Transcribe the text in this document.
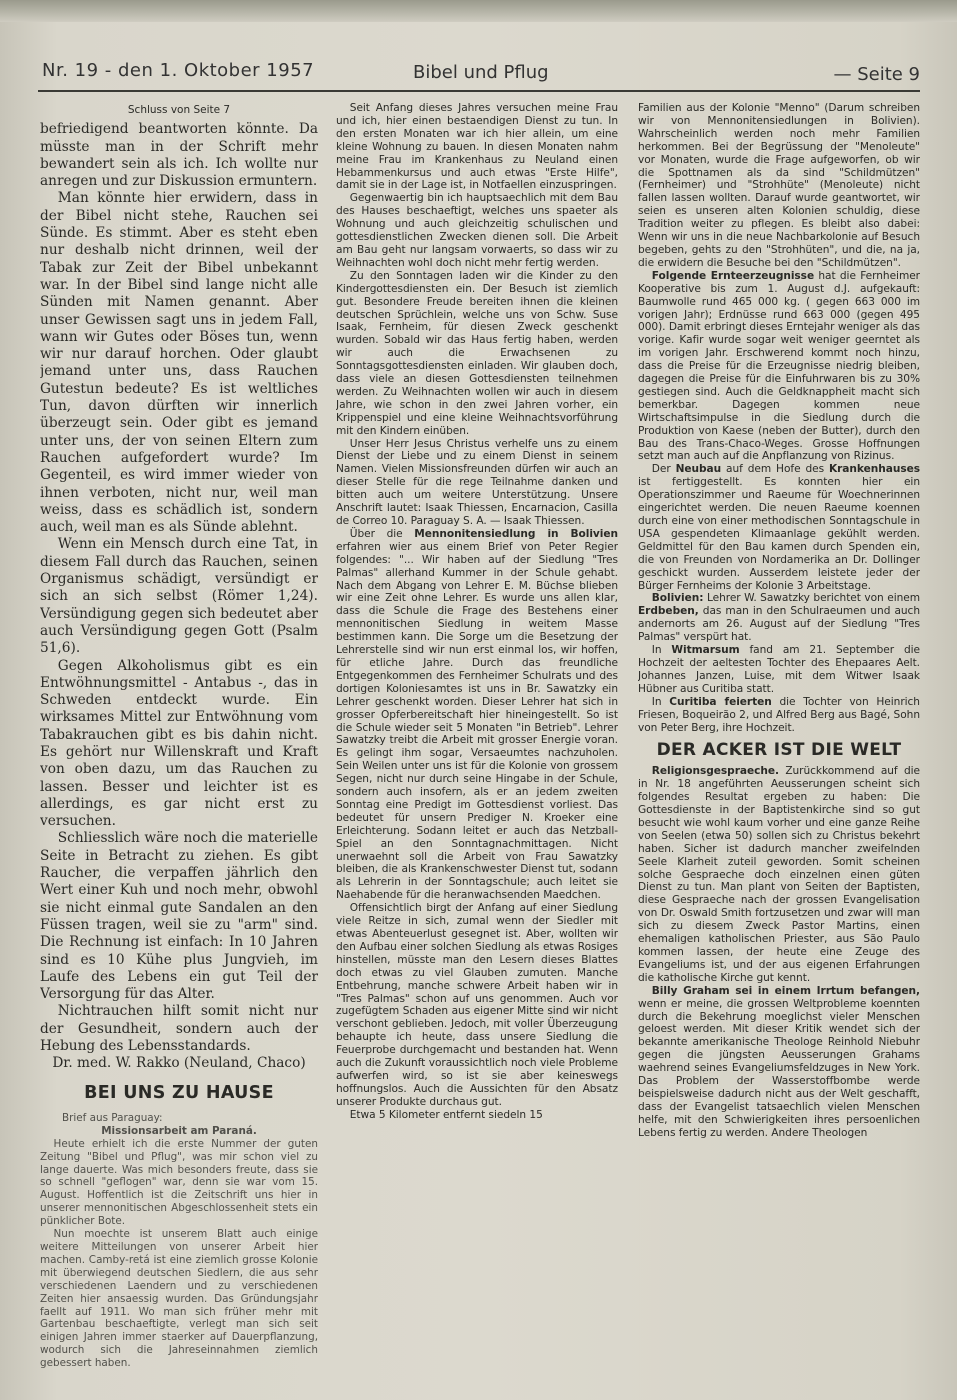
Nr. 19 - den 1. Oktober 1957	Bibel und Pflug	— Seite 9
Schluss von Seite 7

befriedigend beantworten könnte. Da müsste man in der Schrift mehr bewandert sein als ich. Ich wollte nur anregen und zur Diskussion ermuntern.

Man könnte hier erwidern, dass in der Bibel nicht stehe, Rauchen sei Sünde. Es stimmt. Aber es steht eben nur deshalb nicht drinnen, weil der Tabak zur Zeit der Bibel unbekannt war. In der Bibel sind lange nicht alle Sünden mit Namen genannt. Aber unser Gewissen sagt uns in jedem Fall, wann wir Gutes oder Böses tun, wenn wir nur darauf horchen. Oder glaubt jemand unter uns, dass Rauchen Gutestun bedeute? Es ist weltliches Tun, davon dürften wir innerlich überzeugt sein. Oder gibt es jemand unter uns, der von seinen Eltern zum Rauchen aufgefordert wurde? Im Gegenteil, es wird immer wieder von ihnen verboten, nicht nur, weil man weiss, dass es schädlich ist, sondern auch, weil man es als Sünde ablehnt.

Wenn ein Mensch durch eine Tat, in diesem Fall durch das Rauchen, seinen Organismus schädigt, versündigt er sich an sich selbst (Römer 1,24). Versündigung gegen sich bedeutet aber auch Versündigung gegen Gott (Psalm 51,6).

Gegen Alkoholismus gibt es ein Entwöhnungsmittel - Antabus -, das in Schweden entdeckt wurde. Ein wirksames Mittel zur Entwöhnung vom Tabakrauchen gibt es bis dahin nicht. Es gehört nur Willenskraft und Kraft von oben dazu, um das Rauchen zu lassen. Besser und leichter ist es allerdings, es gar nicht erst zu versuchen.

Schliesslich wäre noch die materielle Seite in Betracht zu ziehen. Es gibt Raucher, die verpaffen jährlich den Wert einer Kuh und noch mehr, obwohl sie nicht einmal gute Sandalen an den Füssen tragen, weil sie zu "arm" sind. Die Rechnung ist einfach: In 10 Jahren sind es 10 Kühe plus Jungvieh, im Laufe des Lebens ein gut Teil der Versorgung für das Alter.

Nichtrauchen hilft somit nicht nur der Gesundheit, sondern auch der Hebung des Lebensstandards.

Dr. med. W. Rakko (Neuland, Chaco)

BEI UNS ZU HAUSE

Brief aus Paraguay:

Missionsarbeit am Paraná.

Heute erhielt ich die erste Nummer der guten Zeitung "Bibel und Pflug", was mir schon viel zu lange dauerte. Was mich besonders freute, dass sie so schnell "geflogen" war, denn sie war vom 15. August. Hoffentlich ist die Zeitschrift uns hier in unserer mennonitischen Abgeschlossenheit stets ein pünklicher Bote.

Nun moechte ist unserem Blatt auch einige weitere Mitteilungen von unserer Arbeit hier machen. Camby-retá ist eine ziemlich grosse Kolonie mit überwiegend deutschen Siedlern, die aus sehr verschiedenen Laendern und zu verschiedenen Zeiten hier ansaessig wurden. Das Gründungsjahr faellt auf 1911. Wo man sich früher mehr mit Gartenbau beschaeftigte, verlegt man sich seit einigen Jahren immer staerker auf Dauerpflanzung, wodurch sich die Jahreseinnahmen ziemlich gebessert haben.

Seit Anfang dieses Jahres versuchen meine Frau und ich, hier einen bestaendigen Dienst zu tun. In den ersten Monaten war ich hier allein, um eine kleine Wohnung zu bauen. In diesen Monaten nahm meine Frau im Krankenhaus zu Neuland einen Hebammenkursus und auch etwas "Erste Hilfe", damit sie in der Lage ist, in Notfaellen einzuspringen.

Gegenwaertig bin ich hauptsaechlich mit dem Bau des Hauses beschaeftigt, welches uns spaeter als Wohnung und auch gleichzeitig schulischen und gottesdienstlichen Zwecken dienen soll. Die Arbeit am Bau geht nur langsam vorwaerts, so dass wir zu Weihnachten wohl doch nicht mehr fertig werden.

Zu den Sonntagen laden wir die Kinder zu den Kindergottesdiensten ein. Der Besuch ist ziemlich gut. Besondere Freude bereiten ihnen die kleinen deutschen Sprüchlein, welche uns von Schw. Suse Isaak, Fernheim, für diesen Zweck geschenkt wurden. Sobald wir das Haus fertig haben, werden wir auch die Erwachsenen zu Sonntagsgottesdiensten einladen. Wir glauben doch, dass viele an diesen Gottesdiensten teilnehmen werden. Zu Weihnachten wollen wir auch in diesem Jahre, wie schon in den zwei Jahren vorher, ein Krippenspiel und eine kleine Weihnachtsvorführung mit den Kindern einüben.

Unser Herr Jesus Christus verhelfe uns zu einem Dienst der Liebe und zu einem Dienst in seinem Namen. Vielen Missionsfreunden dürfen wir auch an dieser Stelle für die rege Teilnahme danken und bitten auch um weitere Unterstützung. Unsere Anschrift lautet: Isaak Thiessen, Encarnacion, Casilla de Correo 10. Paraguay S. A. — Isaak Thiessen.

Über die Mennonitensiedlung in Bolivien erfahren wier aus einem Brief von Peter Regier folgendes: "... Wir haben auf der Siedlung "Tres Palmas" allerhand Kummer in der Schule gehabt. Nach dem Abgang von Lehrer E. M. Büchse blieben wir eine Zeit ohne Lehrer. Es wurde uns allen klar, dass die Schule die Frage des Bestehens einer mennonitischen Siedlung in weitem Masse bestimmen kann. Die Sorge um die Besetzung der Lehrerstelle sind wir nun erst einmal los, wir hoffen, für etliche Jahre. Durch das freundliche Entgegenkommen des Fernheimer Schulrats und des dortigen Koloniesamtes ist uns in Br. Sawatzky ein Lehrer geschenkt worden. Dieser Lehrer hat sich in grosser Opferbereitschaft hier hineingestellt. So ist die Schule wieder seit 5 Monaten "in Betrieb". Lehrer Sawatzky treibt die Arbeit mit grosser Energie voran. Es gelingt ihm sogar, Versaeumtes nachzuholen. Sein Weilen unter uns ist für die Kolonie von grossem Segen, nicht nur durch seine Hingabe in der Schule, sondern auch insofern, als er an jedem zweiten Sonntag eine Predigt im Gottesdienst vorliest. Das bedeutet für unsern Prediger N. Kroeker eine Erleichterung. Sodann leitet er auch das Netzball-Spiel an den Sonntagnachmittagen. Nicht unerwaehnt soll die Arbeit von Frau Sawatzky bleiben, die als Krankenschwester Dienst tut, sodann als Lehrerin in der Sonntagschule; auch leitet sie Naehabende für die heranwachsenden Maedchen.

Offensichtlich birgt der Anfang auf einer Siedlung viele Reitze in sich, zumal wenn der Siedler mit etwas Abenteuerlust gesegnet ist. Aber, wollten wir den Aufbau einer solchen Siedlung als etwas Rosiges hinstellen, müsste man den Lesern dieses Blattes doch etwas zu viel Glauben zumuten. Manche Entbehrung, manche schwere Arbeit haben wir in "Tres Palmas" schon auf uns genommen. Auch vor zugefügtem Schaden aus eigener Mitte sind wir nicht verschont geblieben. Jedoch, mit voller Überzeugung behaupte ich heute, dass unsere Siedlung die Feuerprobe durchgemacht und bestanden hat. Wenn auch die Zukunft voraussichtlich noch viele Probleme aufwerfen wird, so ist sie aber keineswegs hoffnungslos. Auch die Aussichten für den Absatz unserer Produkte durchaus gut.

Etwa 5 Kilometer entfernt siedeln 15

Familien aus der Kolonie "Menno" (Darum schreiben wir von Mennonitensiedlungen in Bolivien). Wahrscheinlich werden noch mehr Familien herkommen. Bei der Begrüssung der "Menoleute" vor Monaten, wurde die Frage aufgeworfen, ob wir die Spottnamen als da sind "Schildmützen" (Fernheimer) und "Strohhüte" (Menoleute) nicht fallen lassen wollten. Darauf wurde geantwortet, wir seien es unseren alten Kolonien schuldig, diese Tradition weiter zu pflegen. Es bleibt also dabei: Wenn wir uns in die neue Nachbarkolonie auf Besuch begeben, gehts zu den "Strohhüten", und die, na ja, die erwidern die Besuche bei den "Schildmützen".

Folgende Ernteerzeugnisse hat die Fernheimer Kooperative bis zum 1. August d.J. aufgekauft: Baumwolle rund 465 000 kg. ( gegen 663 000 im vorigen Jahr); Erdnüsse rund 663 000 (gegen 495 000). Damit erbringt dieses Erntejahr weniger als das vorige. Kafir wurde sogar weit weniger geerntet als im vorigen Jahr. Erschwerend kommt noch hinzu, dass die Preise für die Erzeugnisse niedrig bleiben, dagegen die Preise für die Einfuhrwaren bis zu 30% gestiegen sind. Auch die Geldknappheit macht sich bemerkbar. Dagegen kommen neue Wirtschaftsimpulse in die Siedlung durch die Produktion von Kaese (neben der Butter), durch den Bau des Trans-Chaco-Weges. Grosse Hoffnungen setzt man auch auf die Anpflanzung von Rizinus.

Der Neubau auf dem Hofe des Krankenhauses ist fertiggestellt. Es konnten hier ein Operationszimmer und Raeume für Woechnerinnen eingerichtet werden. Die neuen Raeume koennen durch eine von einer methodischen Sonntagschule in USA gespendeten Klimaanlage gekühlt werden. Geldmittel für den Bau kamen durch Spenden ein, die von Freunden von Nordamerika an Dr. Dollinger geschickt wurden. Ausserdem leistete jeder der Bürger Fernheims der Kolonie 3 Arbeitstage.

Bolivien: Lehrer W. Sawatzky berichtet von einem Erdbeben, das man in den Schulraeumen und auch andernorts am 26. August auf der Siedlung "Tres Palmas" verspürt hat.

In Witmarsum fand am 21. September die Hochzeit der aeltesten Tochter des Ehepaares Aelt. Johannes Janzen, Luise, mit dem Witwer Isaak Hübner aus Curitiba statt.

In Curitiba feierten die Tochter von Heinrich Friesen, Boqueirão 2, und Alfred Berg aus Bagé, Sohn von Peter Berg, ihre Hochzeit.

DER ACKER IST DIE WELT

Religionsgespraeche. Zurückkommend auf die in Nr. 18 angeführten Aeusserungen scheint sich folgendes Resultat ergeben zu haben: Die Gottesdienste in der Baptistenkirche sind so gut besucht wie wohl kaum vorher und eine ganze Reihe von Seelen (etwa 50) sollen sich zu Christus bekehrt haben. Sicher ist dadurch mancher zweifelnden Seele Klarheit zuteil geworden. Somit scheinen solche Gespraeche doch einzelnen einen güten Dienst zu tun. Man plant von Seiten der Baptisten, diese Gespraeche nach der grossen Evangelisation von Dr. Oswald Smith fortzusetzen und zwar will man sich zu diesem Zweck Pastor Martins, einen ehemaligen katholischen Priester, aus São Paulo kommen lassen, der heute eine Zeuge des Evangeliums ist, und der aus eigenen Erfahrungen die katholische Kirche gut kennt.

Billy Graham sei in einem Irrtum befangen, wenn er meine, die grossen Weltprobleme koennten durch die Bekehrung moeglichst vieler Menschen geloest werden. Mit dieser Kritik wendet sich der bekannte amerikanische Theologe Reinhold Niebuhr gegen die jüngsten Aeusserungen Grahams waehrend seines Evangeliumsfeldzuges in New York. Das Problem der Wasserstoffbombe werde beispielsweise dadurch nicht aus der Welt geschafft, dass der Evangelist tatsaechlich vielen Menschen helfe, mit den Schwierigkeiten ihres persoenlichen Lebens fertig zu werden. Andere Theologen
